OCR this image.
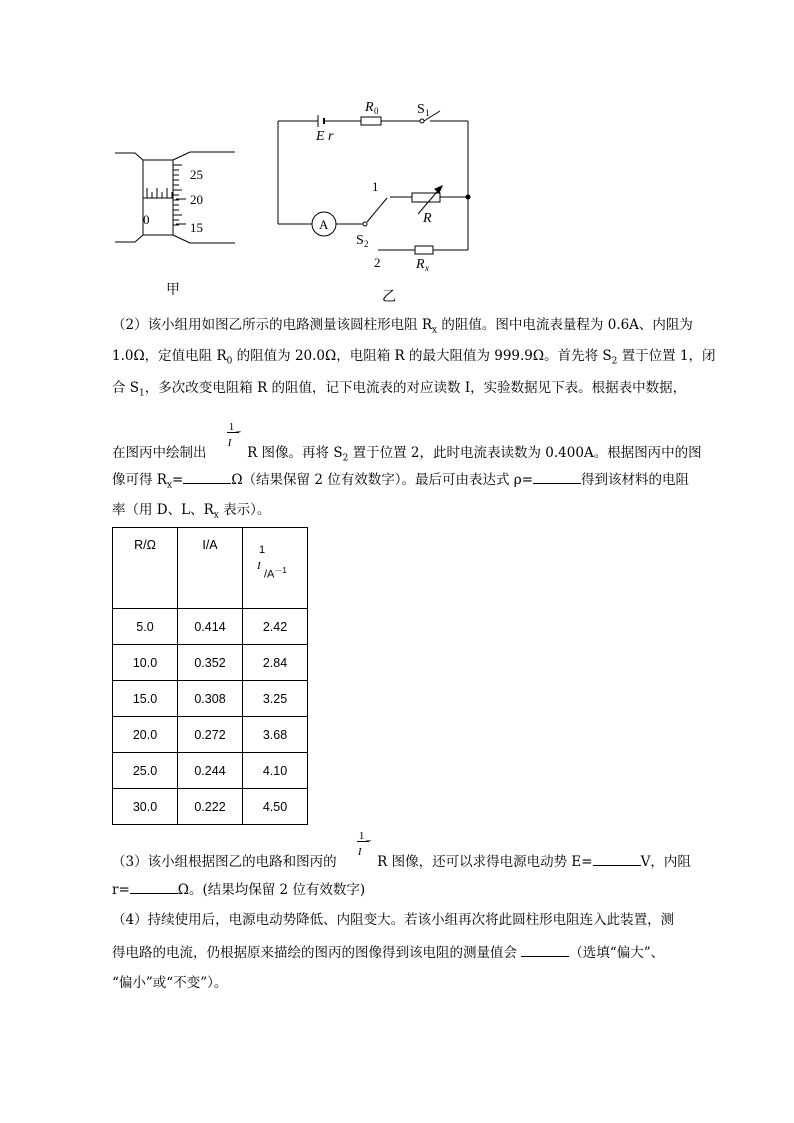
25
20
15
0
甲
E r
R 0	S 1
A
S 2
1
2
R
R x
乙
（2）该小组用如图乙所示的电路测量该圆柱形电阻 $R_x$ 的阻值。图中电流表量程为 0.6A、内阻为
1.0Ω，定值电阻 $R_0$ 的阻值为 20.0Ω，电阻箱 R 的最大阻值为 999.9Ω。首先将 $S_2$ 置于位置 1，闭
合 $S_1$，多次改变电阻箱 R 的阻值，记下电流表的对应读数 I，实验数据见下表。根据表中数据，
在图丙中绘制出
1
I
–
R 图像。再将 $S_2$ 置于位置 2，此时电流表读数为 0.400A。根据图丙中的图
像可得 $R_x=$	Ω（结果保留 2 位有效数字）。最后可由表达式 ρ=	得到该材料的电阻
率（用 D、L、$R_x$ 表示）。
R/Ω	I/A	1
I
$/A^{-1}$

5.0	0.414	2.42
10.0	0.352	2.84
15.0	0.308	3.25
20.0	0.272	3.68
25.0	0.244	4.10
30.0	0.222	4.50
（3）该小组根据图乙的电路和图丙的
1
I
–
R 图像，还可以求得电源电动势 E=	V，内阻
r=	Ω。(结果均保留 2 位有效数字)
（4）持续使用后，电源电动势降低、内阻变大。若该小组再次将此圆柱形电阻连入此装置，测
得电路的电流，仍根据原来描绘的图丙的图像得到该电阻的测量值会	（选填“偏大”、
“偏小”或“不变”）。
